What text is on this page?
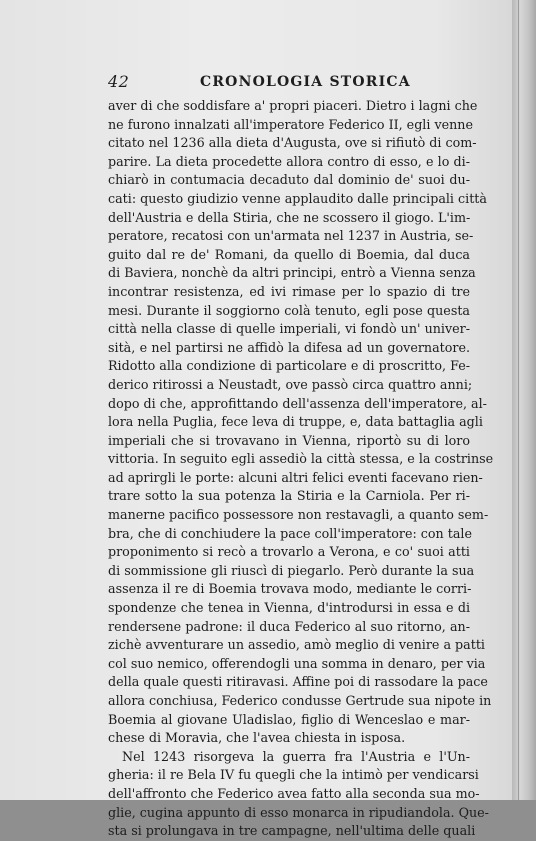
42	CRONOLOGIA STORICA
aver di che soddisfare a' propri piaceri. Dietro i lagni che
ne furono innalzati all'imperatore Federico II, egli venne
citato nel 1236 alla dieta d'Augusta, ove si rifiutò di com-
parire. La dieta procedette allora contro di esso, e lo di-
chiarò in contumacia decaduto dal dominio de' suoi du-
cati: questo giudizio venne applaudito dalle principali città
dell'Austria e della Stiria, che ne scossero il giogo. L'im-
peratore, recatosi con un'armata nel 1237 in Austria, se-
guito dal re de' Romani, da quello di Boemia, dal duca
di Baviera, nonchè da altri principi, entrò a Vienna senza
incontrar resistenza, ed ivi rimase per lo spazio di tre
mesi. Durante il soggiorno colà tenuto, egli pose questa
città nella classe di quelle imperiali, vi fondò un' univer-
sità, e nel partirsi ne affidò la difesa ad un governatore.
Ridotto alla condizione di particolare e di proscritto, Fe-
derico ritirossi a Neustadt, ove passò circa quattro anni;
dopo di che, approfittando dell'assenza dell'imperatore, al-
lora nella Puglia, fece leva di truppe, e, data battaglia agli
imperiali che si trovavano in Vienna, riportò su di loro
vittoria. In seguito egli assediò la città stessa, e la costrinse
ad aprirgli le porte: alcuni altri felici eventi facevano rien-
trare sotto la sua potenza la Stiria e la Carniola. Per ri-
manerne pacifico possessore non restavagli, a quanto sem-
bra, che di conchiudere la pace coll'imperatore: con tale
proponimento si recò a trovarlo a Verona, e co' suoi atti
di sommissione gli riuscì di piegarlo. Però durante la sua
assenza il re di Boemia trovava modo, mediante le corri-
spondenze che tenea in Vienna, d'introdursi in essa e di
rendersene padrone: il duca Federico al suo ritorno, an-
zichè avventurare un assedio, amò meglio di venire a patti
col suo nemico, offerendogli una somma in denaro, per via
della quale questi ritiravasi. Affine poi di rassodare la pace
allora conchiusa, Federico condusse Gertrude sua nipote in
Boemia al giovane Uladislao, figlio di Wenceslao e mar-
chese di Moravia, che l'avea chiesta in isposa.
Nel 1243 risorgeva la guerra fra l'Austria e l'Un-
gheria: il re Bela IV fu quegli che la intimò per vendicarsi
dell'affronto che Federico avea fatto alla seconda sua mo-
glie, cugina appunto di esso monarca in ripudiandola. Que-
sta si prolungava in tre campagne, nell'ultima delle quali
